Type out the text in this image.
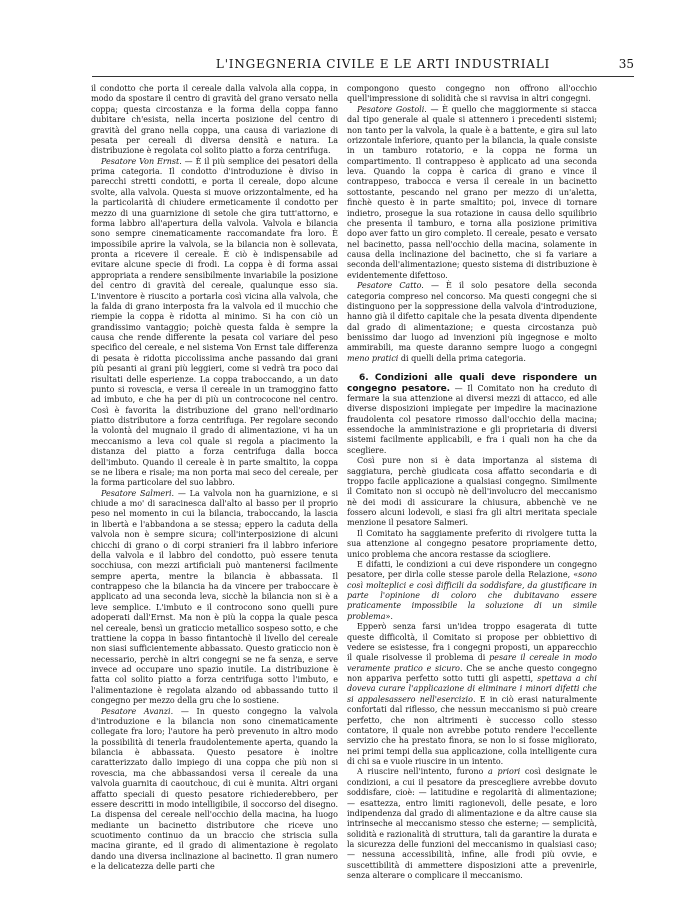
L'INGEGNERIA CIVILE E LE ARTI INDUSTRIALI	35

il condotto che porta il cereale dalla valvola alla coppa, in modo da spostare il centro di gravità del grano versato nella coppa; questa circostanza e la forma della coppa fanno dubitare ch'esista, nella incerta posizione del centro di gravità del grano nella coppa, una causa di variazione di pesata per cereali di diversa densità e natura. La distribuzione è regolata col solito piatto a forza centrifuga.

Pesatore Von Ernst. — È il più semplice dei pesatori della prima categoria. Il condotto d'introduzione è diviso in parecchi stretti condotti, e porta il cereale, dopo alcune svolte, alla valvola. Questa si muove orizzontalmente, ed ha la particolarità di chiudere ermeticamente il condotto per mezzo di una guarnizione di setole che gira tutt'attorno, e forma labbro all'apertura della valvola. Valvola e bilancia sono sempre cinematicamente raccomandate fra loro. È impossibile aprire la valvola, se la bilancia non è sollevata, pronta a ricevere il cereale. È ciò è indispensabile ad evitare alcune specie di frodi. La coppa è di forma assai appropriata a rendere sensibilmente invariabile la posizione del centro di gravità del cereale, qualunque esso sia. L'inventore è riuscito a portarla così vicina alla valvola, che la falda di grano interposta fra la valvola ed il mucchio che riempie la coppa è ridotta al minimo. Si ha con ciò un grandissimo vantaggio; poichè questa falda è sempre la causa che rende differente la pesata col variare del peso specifico del cereale, e nel sistema Von Ernst tale differenza di pesata è ridotta piccolissima anche passando dai grani più pesanti ai grani più leggieri, come si vedrà tra poco dai risultati delle esperienze. La coppa traboccando, a un dato punto si rovescia, e versa il cereale in un tramoggino fatto ad imbuto, e che ha per di più un contrococone nel centro. Così è favorita la distribuzione del grano nell'ordinario piatto distributore a forza centrifuga. Per regolare secondo la volontà del mugnaio il grado di alimentazione, vi ha un meccanismo a leva col quale si regola a piacimento la distanza del piatto a forza centrifuga dalla bocca dell'imbuto. Quando il cereale è in parte smaltito, la coppa se ne libera e risale; ma non porta mai seco del cereale, per la forma particolare del suo labbro.

Pesatore Salmeri. — La valvola non ha guarnizione, e si chiude a mo' di saracinesca dall'alto al basso per il proprio peso nel momento in cui la bilancia, traboccando, la lascia in libertà e l'abbandona a se stessa; eppero la caduta della valvola non è sempre sicura; coll'interposizione di alcuni chicchi di grano o di corpi stranieri fra il labbro inferiore della valvola e il labbro del condotto, può essere tenuta socchiusa, con mezzi artificiali può mantenersi facilmente sempre aperta, mentre la bilancia è abbassata. Il contrappeso che la bilancia ha da vincere per traboccare è applicato ad una seconda leva, sicchè la bilancia non si è a leve semplice. L'imbuto e il controcono sono quelli pure adoperati dall'Ernst. Ma non è più la coppa la quale pesca nel cereale, bensì un graticcio metallico sospeso sotto, e che trattiene la coppa in basso fintantochè il livello del cereale non siasi sufficientemente abbassato. Questo graticcio non è necessario, perchè in altri congegni se ne fa senza, e serve invece ad occupare uno spazio inutile. La distribuzione è fatta col solito piatto a forza centrifuga sotto l'imbuto, e l'alimentazione è regolata alzando od abbassando tutto il congegno per mezzo della gru che lo sostiene.

Pesatore Avanzi. — In questo congegno la valvola d'introduzione e la bilancia non sono cinematicamente collegate fra loro; l'autore ha però prevenuto in altro modo la possibilità di tenerla fraudolentemente aperta, quando la bilancia è abbassata. Questo pesatore è inoltre caratterizzato dallo impiego di una coppa che più non si rovescia, ma che abbassandosi versa il cereale da una valvola guarnita di caoutchouc, di cui è munita. Altri organi affatto speciali di questo pesatore richiederebbero, per essere descritti in modo intelligibile, il soccorso del disegno. La dispensa del cereale nell'occhio della macina, ha luogo mediante un bacinetto distributore che riceve uno scuotimento continuo da un braccio che striscia sulla macina girante, ed il grado di alimentazione è regolato dando una diversa inclinazione al bacinetto. Il gran numero e la delicatezza delle parti che

compongono questo congegno non offrono all'occhio quell'impressione di solidità che si ravvisa in altri congegni.

Pesatore Gostoli. — È quello che maggiormente si stacca dal tipo generale al quale si attennero i precedenti sistemi; non tanto per la valvola, la quale è a battente, e gira sul lato orizzontale inferiore, quanto per la bilancia, la quale consiste in un tamburo rotatorio, e la coppa ne forma un compartimento. Il contrappeso è applicato ad una seconda leva. Quando la coppa è carica di grano e vince il contrappeso, trabocca e versa il cereale in un bacinetto sottostante, pescando nel grano per mezzo di un'aletta, finchè questo è in parte smaltito; poi, invece di tornare indietro, prosegue la sua rotazione in causa dello squilibrio che presenta il tamburo, e torna alla posizione primitiva dopo aver fatto un giro completo. Il cereale, pesato e versato nel bacinetto, passa nell'occhio della macina, solamente in causa della inclinazione del bacinetto, che si fa variare a seconda dell'alimentazione; questo sistema di distribuzione è evidentemente difettoso.

Pesatore Catto. — È il solo pesatore della seconda categoria compreso nel concorso. Ma questi congegni che si distinguono per la soppressione della valvola d'introduzione, hanno già il difetto capitale che la pesata diventa dipendente dal grado di alimentazione; e questa circostanza può benissimo dar luogo ad invenzioni più ingegnose e molto ammirabili, ma queste daranno sempre luogo a congegni meno pratici di quelli della prima categoria.

6. Condizioni alle quali deve rispondere un congegno pesatore. — Il Comitato non ha creduto di fermare la sua attenzione ai diversi mezzi di attacco, ed alle diverse disposizioni impiegate per impedire la macinazione fraudolenta col pesatore rimosso dall'occhio della macina; essendoche la amministrazione e gli proprietaria di diversi sistemi facilmente applicabili, e fra i quali non ha che da scegliere.

Così pure non si è data importanza al sistema di saggiatura, perchè giudicata cosa affatto secondaria e di troppo facile applicazione a qualsiasi congegno. Similmente il Comitato non si occupò nè dell'involucro del meccanismo nè dei modi di assicurare la chiusura, abbenchè ve ne fossero alcuni lodevoli, e siasi fra gli altri meritata speciale menzione il pesatore Salmeri.

Il Comitato ha saggiamente preferito di rivolgere tutta la sua attenzione al congegno pesatore propriamente detto, unico problema che ancora restasse da sciogliere.

E difatti, le condizioni a cui deve rispondere un congegno pesatore, per dirla colle stesse parole della Relazione, «sono così molteplici e così difficili da soddisfare, da giustificare in parte l'opinione di coloro che dubitavano essere praticamente impossibile la soluzione di un simile problema».

Epperò senza farsi un'idea troppo esagerata di tutte queste difficoltà, il Comitato si propose per obbiettivo di vedere se esistesse, fra i congegni proposti, un apparecchio il quale risolvesse il problema di pesare il cereale in modo veramente pratico e sicuro. Che se anche questo congegno non appariva perfetto sotto tutti gli aspetti, spettava a chi doveva curare l'applicazione di eliminare i minori difetti che si appalesassero nell'esercizio. E in ciò erasi naturalmente confortati dal riflesso, che nessun meccanismo si può creare perfetto, che non altrimenti è successo collo stesso contatore, il quale non avrebbe potuto rendere l'eccellente servizio che ha prestato finora, se non lo si fosse migliorato, nei primi tempi della sua applicazione, colla intelligente cura di chi sa e vuole riuscire in un intento.

A riuscire nell'intento, furono a priori così designate le condizioni, a cui il pesatore da prescegliere avrebbe dovuto soddisfare, cioè: — latitudine e regolarità di alimentazione; — esattezza, entro limiti ragionevoli, delle pesate, e loro indipendenza dal grado di alimentazione e da altre cause sia intrinseche al meccanismo stesso che esterne; — semplicità, solidità e razionalità di struttura, tali da garantire la durata e la sicurezza delle funzioni del meccanismo in qualsiasi caso; — nessuna accessibilità, infine, alle frodi più ovvie, e suscettibilità di ammettere disposizioni atte a prevenirle, senza alterare o complicare il meccanismo.
